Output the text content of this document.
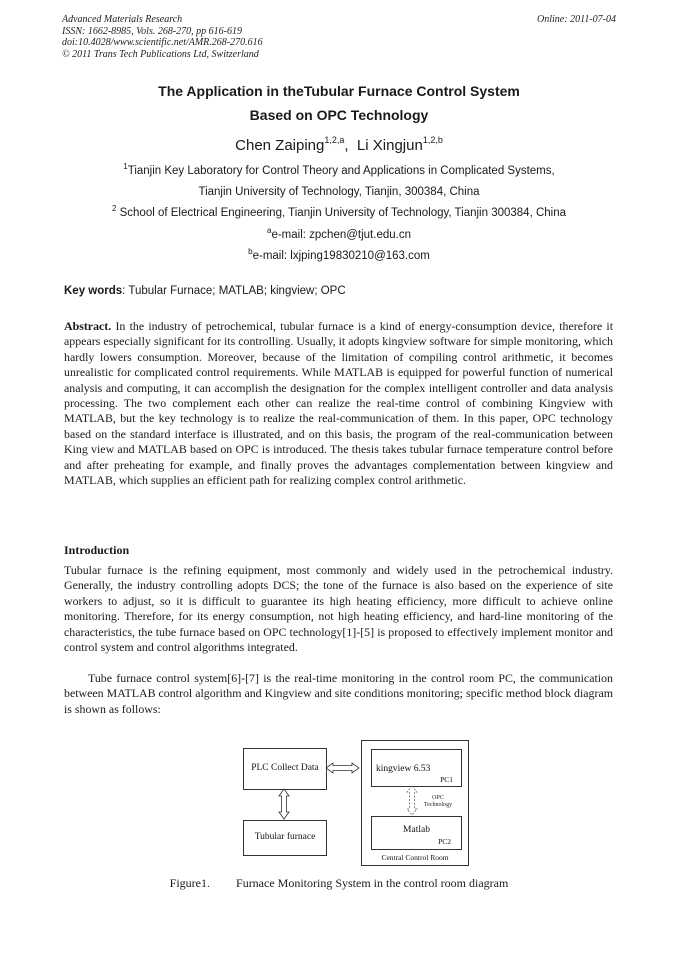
Advanced Materials Research
ISSN: 1662-8985, Vols. 268-270, pp 616-619
doi:10.4028/www.scientific.net/AMR.268-270.616
© 2011 Trans Tech Publications Ltd, Switzerland
Online: 2011-07-04
The Application in theTubular Furnace Control System
Based on OPC Technology
Chen Zaiping$^{1,2,a}$,  Li Xingjun$^{1,2,b}$
$^1$Tianjin Key Laboratory for Control Theory and Applications in Complicated Systems,
Tianjin University of Technology, Tianjin, 300384, China
$^2$ School of Electrical Engineering, Tianjin University of Technology, Tianjin 300384, China
$^a$e-mail: zpchen@tjut.edu.cn
$^b$e-mail: lxjping19830210@163.com
Key words: Tubular Furnace; MATLAB; kingview; OPC
Abstract. In the industry of petrochemical, tubular furnace is a kind of energy-consumption device, therefore it appears especially significant for its controlling. Usually, it adopts kingview software for simple monitoring, which hardly lowers consumption. Moreover, because of the limitation of compiling control arithmetic, it becomes unrealistic for complicated control requirements. While MATLAB is equipped for powerful function of numerical analysis and computing, it can accomplish the designation for the complex intelligent controller and data analysis processing. The two complement each other can realize the real-time control of combining Kingview with MATLAB, but the key technology is to realize the real-communication of them. In this paper, OPC technology based on the standard interface is illustrated, and on this basis, the program of the real-communication between King view and MATLAB based on OPC is introduced. The thesis takes tubular furnace temperature control before and after preheating for example, and finally proves the advantages complementation between kingview and MATLAB, which supplies an efficient path for realizing complex control arithmetic.
Introduction
Tubular furnace is the refining equipment, most commonly and widely used in the petrochemical industry. Generally, the industry controlling adopts DCS; the tone of the furnace is also based on the experience of site workers to adjust, so it is difficult to guarantee its high heating efficiency, more difficult to achieve online monitoring. Therefore, for its energy consumption, not high heating efficiency, and hard-line monitoring of the characteristics, the tube furnace based on OPC technology[1]-[5] is proposed to effectively implement monitor and control system and control algorithms integrated.
Tube furnace control system[6]-[7] is the real-time monitoring in the control room PC, the communication between MATLAB control algorithm and Kingview and site conditions monitoring; specific method block diagram is shown as follows:
Central Control Room
kingview 6.53
PC1
Matlab
PC2
PLC Collect Data
Tubular furnace
OPC
Technology
Figure1. Furnace Monitoring System in the control room diagram
